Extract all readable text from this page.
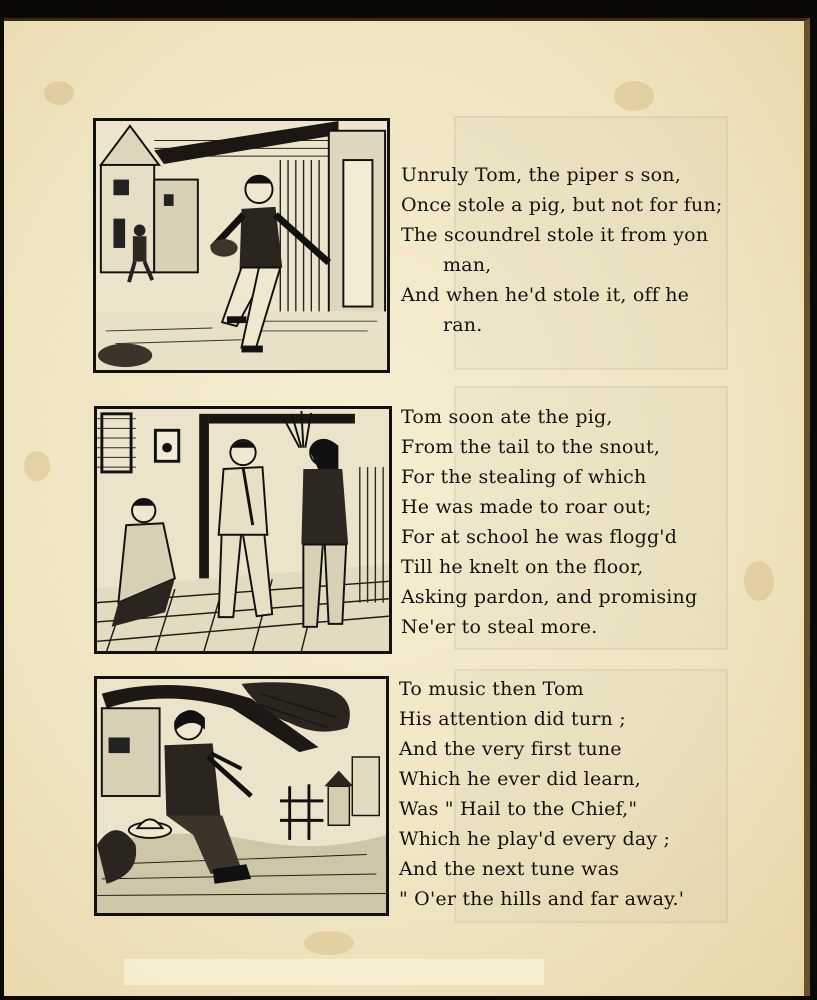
Unruly Tom, the piper s son,
Once stole a pig, but not for fun;
The scoundrel stole it from yon
man,
And when he'd stole it, off he
ran.
Tom soon ate the pig,
From the tail to the snout,
For the stealing of which
He was made to roar out;
For at school he was flogg'd
Till he knelt on the floor,
Asking pardon, and promising
Ne'er to steal more.
To music then Tom
His attention did turn ;
And the very first tune
Which he ever did learn,
Was " Hail to the Chief,"
Which he play'd every day ;
And the next tune was
" O'er the hills and far away.'
